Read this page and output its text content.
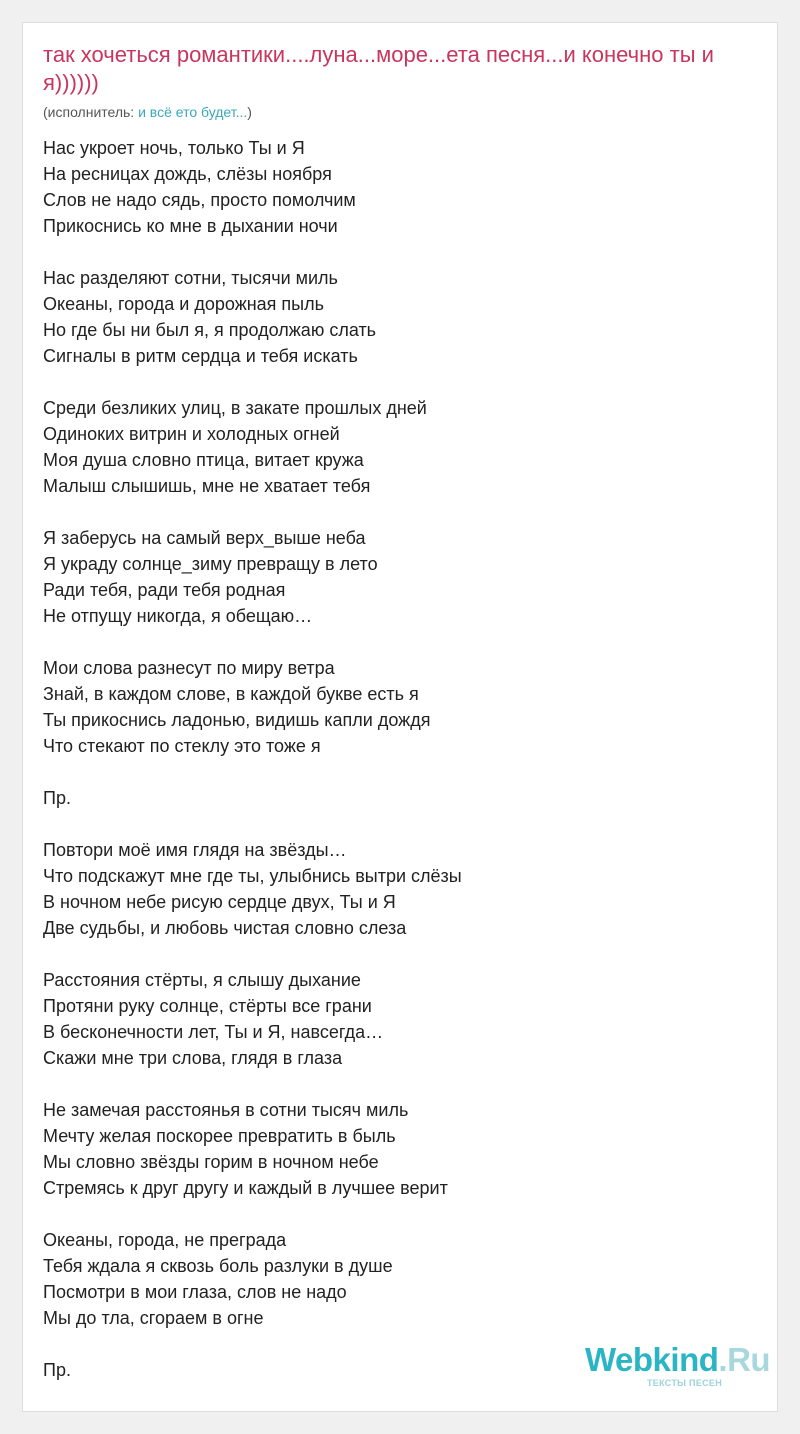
так хочеться романтики....луна...море...ета песня...и конечно ты и я))))))
(исполнитель: и всё ето будет...)
Нас укроет ночь, только Ты и Я
На ресницах дождь, слёзы ноября
Слов не надо сядь, просто помолчим
Прикоснись ко мне в дыхании ночи
Нас разделяют сотни, тысячи миль
Океаны, города и дорожная пыль
Но где бы ни был я, я продолжаю слать
Сигналы в ритм сердца и тебя искать
Среди безликих улиц, в закате прошлых дней
Одиноких витрин и холодных огней
Моя душа словно птица, витает кружа
Малыш слышишь, мне не хватает тебя
Я заберусь на самый верх_выше неба
Я украду солнце_зиму превращу в лето
Ради тебя, ради тебя родная
Не отпущу никогда, я обещаю…
Мои слова разнесут по миру ветра
Знай, в каждом слове, в каждой букве есть я
Ты прикоснись ладонью, видишь капли дождя
Что стекают по стеклу это тоже я
Пр.
Повтори моё имя глядя на звёзды…
Что подскажут мне где ты, улыбнись вытри слёзы
В ночном небе рисую сердце двух, Ты и Я
Две судьбы, и любовь чистая словно слеза
Расстояния стёрты, я слышу дыхание
Протяни руку солнце, стёрты все грани
В бесконечности лет, Ты и Я, навсегда…
Скажи мне три слова, глядя в глаза
Не замечая расстоянья в сотни тысяч миль
Мечту желая поскорее превратить в быль
Мы словно звёзды горим в ночном небе
Стремясь к друг другу и каждый в лучшее верит
Океаны, города, не преграда
Тебя ждала я сквозь боль разлуки в душе
Посмотри в мои глаза, слов не надо
Мы до тла, сгораем в огне
Пр.	Webkind.Ru
ТЕКСТЫ ПЕСЕН
